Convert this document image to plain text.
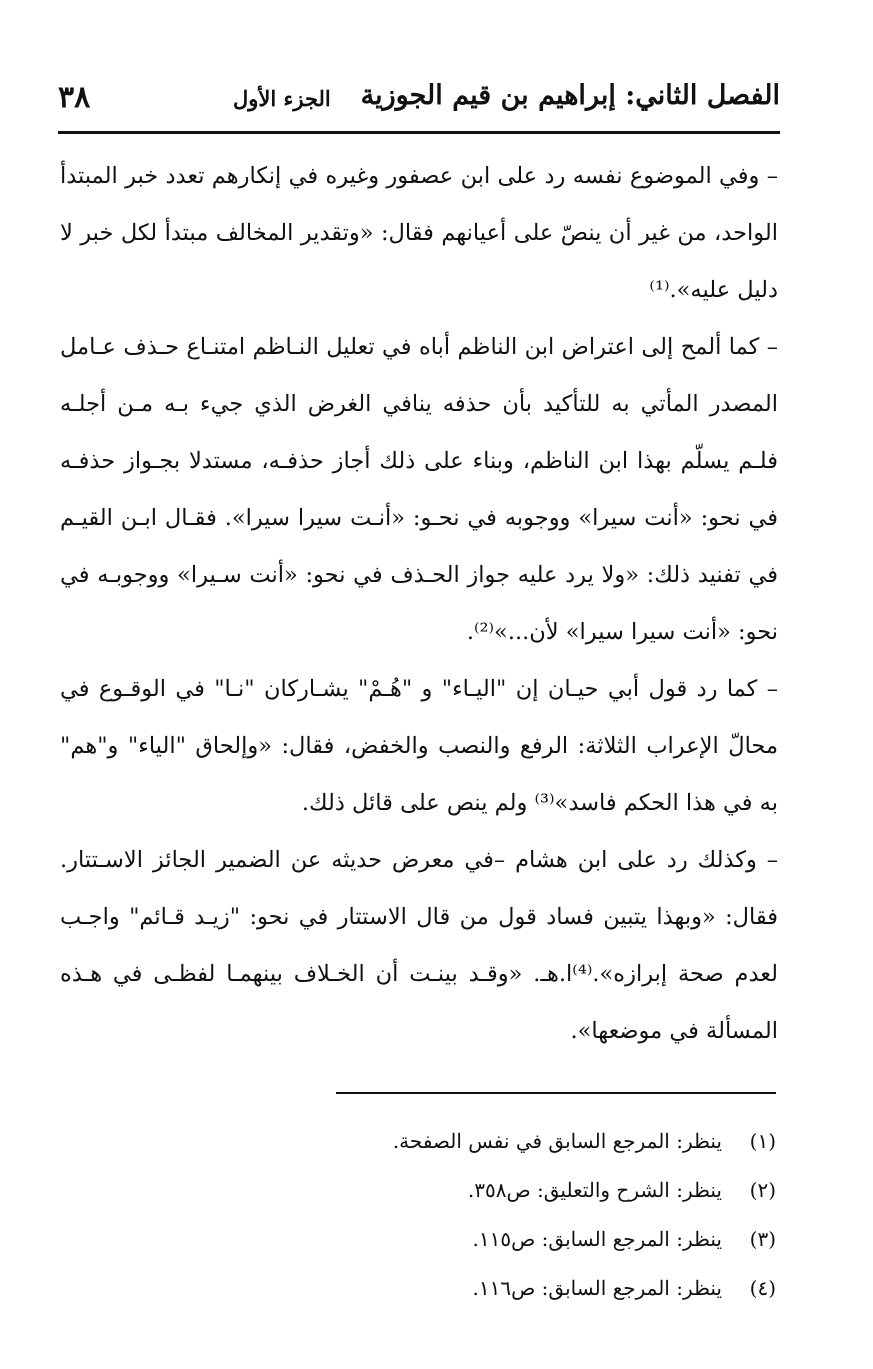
الفصل الثاني: إبراهيم بن قيم الجوزية
الجزء الأول
٣٨

– وفي الموضوع نفسه رد على ابن عصفور وغيره في إنكارهم تعدد خبر المبتدأ الواحد، من غير أن ينصّ على أعيانهم فقال: «وتقدير المخالف مبتدأ لكل خبر لا دليل عليه».⁽¹⁾

– كما ألمح إلى اعتراض ابن الناظم أباه في تعليل النـاظم امتنـاع حـذف عـامل المصدر المأتي به للتأكيد بأن حذفه ينافي الغرض الذي جيء بـه مـن أجلـه فلـم يسلّم بهذا ابن الناظم، وبناء على ذلك أجاز حذفـه، مستدلا بجـواز حذفـه في نحو: «أنت سيرا» ووجوبه في نحـو: «أنـت سيرا سيرا». فقـال ابـن القيـم في تفنيد ذلك: «ولا يرد عليه جواز الحـذف في نحو: «أنت سـيرا» ووجوبـه في نحو: «أنت سيرا سيرا» لأن...»⁽²⁾.

– كما رد قول أبي حيـان إن "اليـاء" و "هُـمْ" يشـاركان "نـا" في الوقـوع في محالّ الإعراب الثلاثة: الرفع والنصب والخفض، فقال: «وإلحاق "الياء" و"هم" به في هذا الحكم فاسد»⁽³⁾ ولم ينص على قائل ذلك.

– وكذلك رد على ابن هشام –في معرض حديثه عن الضمير الجائز الاسـتتار. فقال: «وبهذا يتبين فساد قول من قال الاستتار في نحو: "زيـد قـائم" واجـب لعدم صحة إبرازه».⁽⁴⁾ا.هـ. «وقـد بينـت أن الخـلاف بينهمـا لفظـى في هـذه المسألة في موضعها».

(١)
ينظر: المرجع السابق في نفس الصفحة.
(٢)
ينظر: الشرح والتعليق: ص٣٥٨.
(٣)
ينظر: المرجع السابق: ص١١٥.
(٤)
ينظر: المرجع السابق: ص١١٦.
